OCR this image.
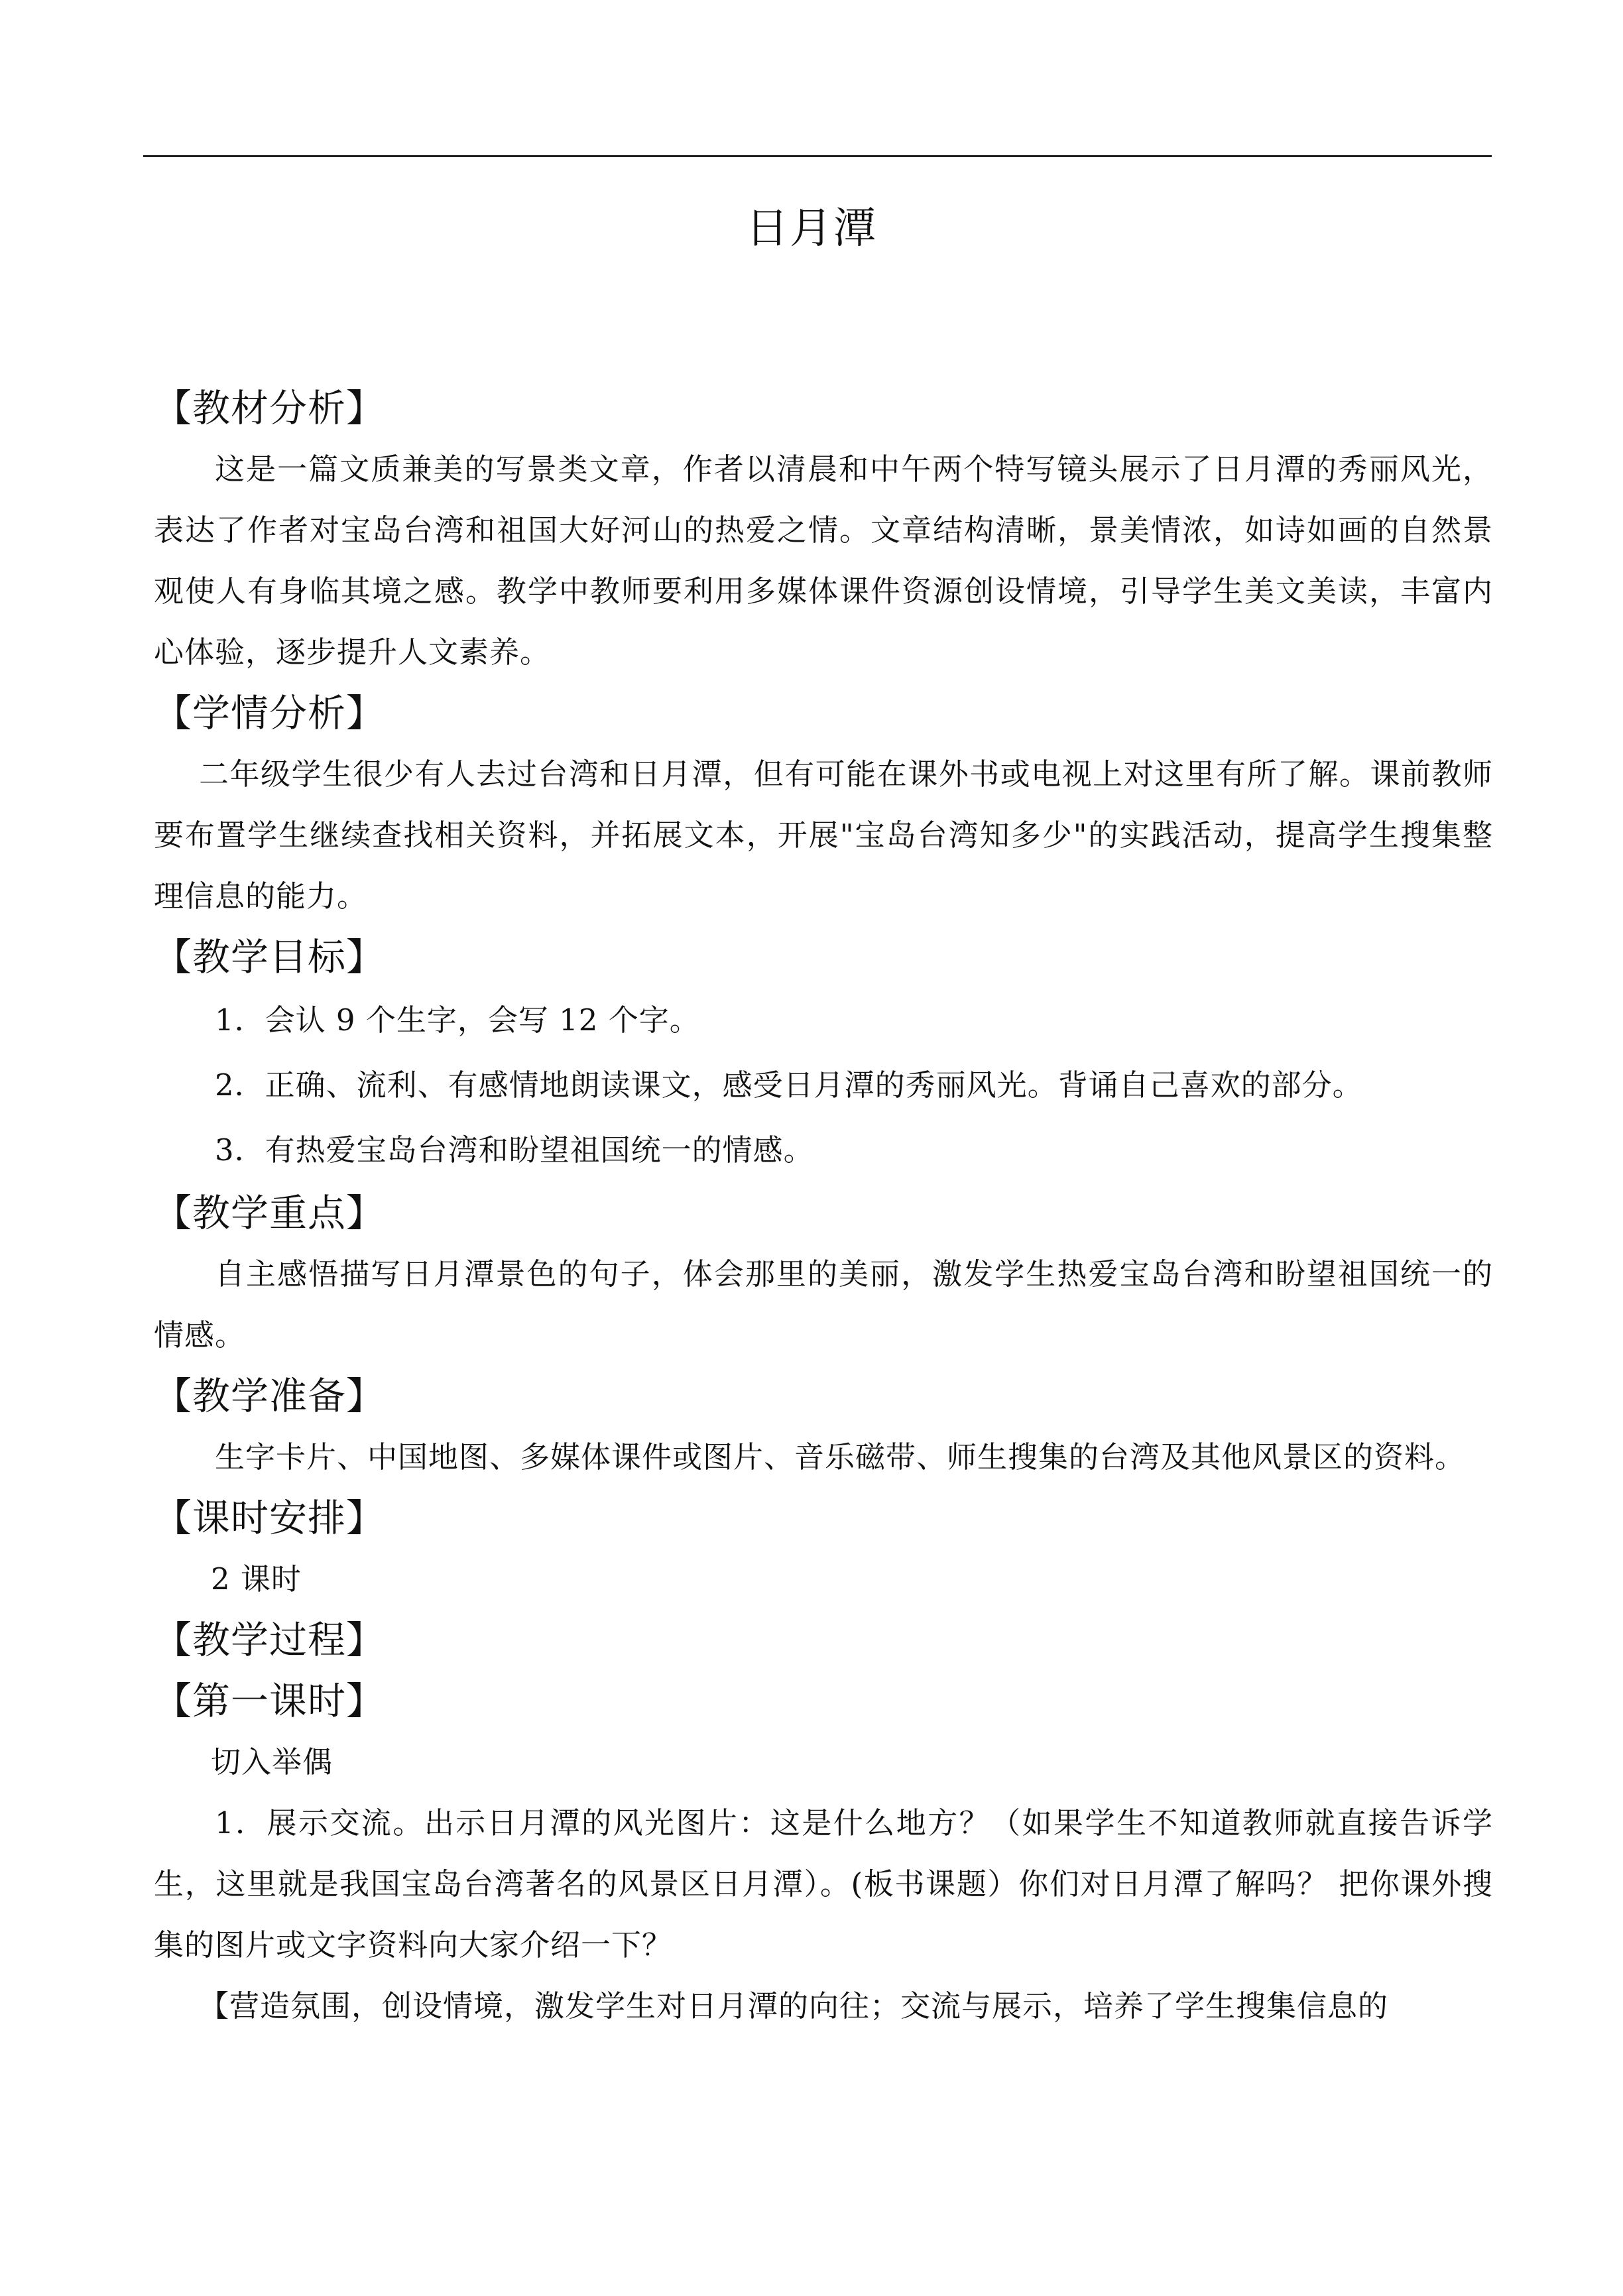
日月潭
【教材分析】

这是一篇文质兼美的写景类文章，作者以清晨和中午两个特写镜头展示了日月潭的秀丽风光，表达了作者对宝岛台湾和祖国大好河山的热爱之情。文章结构清晰，景美情浓，如诗如画的自然景观使人有身临其境之感。教学中教师要利用多媒体课件资源创设情境，引导学生美文美读，丰富内心体验，逐步提升人文素养。

【学情分析】

二年级学生很少有人去过台湾和日月潭，但有可能在课外书或电视上对这里有所了解。课前教师要布置学生继续查找相关资料，并拓展文本，开展"宝岛台湾知多少"的实践活动，提高学生搜集整理信息的能力。

【教学目标】

1．会认 9 个生字，会写 12 个字。

2．正确、流利、有感情地朗读课文，感受日月潭的秀丽风光。背诵自己喜欢的部分。

3．有热爱宝岛台湾和盼望祖国统一的情感。

【教学重点】

自主感悟描写日月潭景色的句子，体会那里的美丽，激发学生热爱宝岛台湾和盼望祖国统一的情感。

【教学准备】

生字卡片、中国地图、多媒体课件或图片、音乐磁带、师生搜集的台湾及其他风景区的资料。

【课时安排】

2 课时

【教学过程】
【第一课时】

切入举偶

1．展示交流。出示日月潭的风光图片：这是什么地方？（如果学生不知道教师就直接告诉学生，这里就是我国宝岛台湾著名的风景区日月潭）。(板书课题）你们对日月潭了解吗？ 把你课外搜集的图片或文字资料向大家介绍一下？

【营造氛围，创设情境，激发学生对日月潭的向往；交流与展示，培养了学生搜集信息的
